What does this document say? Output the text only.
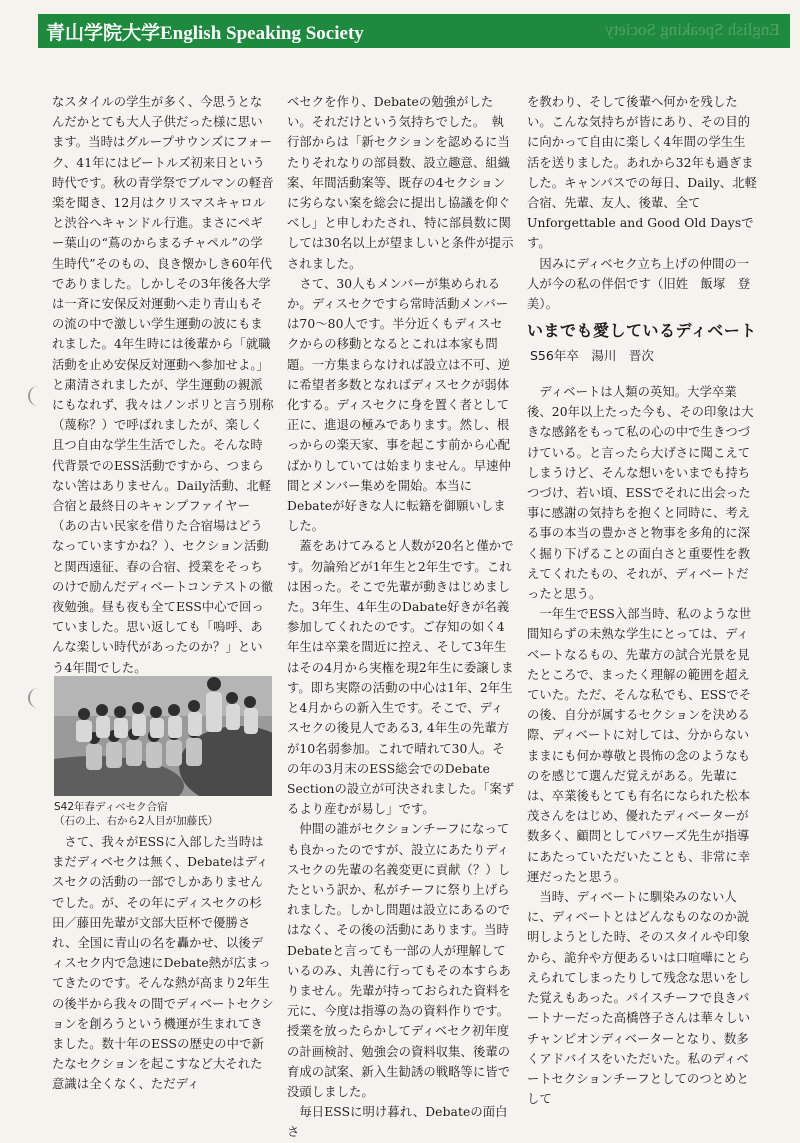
青山学院大学English Speaking Society	English Speaking Society

なスタイルの学生が多く、今思うとなんだかとても大人子供だった様に思います。当時はグループサウンズにフォーク、41年にはビートルズ初来日という時代です。秋の青学祭でブルマンの軽音楽を聞き、12月はクリスマスキャロルと渋谷へキャンドル行進。まさにペギー葉山の“蔦のからまるチャペル”の学生時代”そのもの、良き懐かしき60年代でありました。しかしその3年後各大学は一斉に安保反対運動へ走り青山もその流の中で激しい学生運動の波にもまれました。4年生時には後輩から「就職活動を止め安保反対運動へ参加せよ。」と粛清されましたが、学生運動の親派にもなれず、我々はノンポリと言う別称（蔑称？）で呼ばれましたが、楽しく且つ自由な学生生活でした。そんな時代背景でのESS活動ですから、つまらない筈はありません。Daily活動、北軽合宿と最終日のキャンプファイヤー（あの古い民家を借りた合宿場はどうなっていますかね？）、セクション活動と関西遠征、春の合宿、授業をそっちのけで励んだディベートコンテストの徹夜勉強。昼も夜も全てESS中心で回っていました。思い返しても「嗚呼、あんな楽しい時代があったのか？」という4年間でした。

S42年春ディベセク合宿
（石の上、右から2人目が加藤氏）

　さて、我々がESSに入部した当時はまだディベセクは無く、Debateはディスセクの活動の一部でしかありませんでした。が、その年にディスセクの杉田／藤田先輩が文部大臣杯で優勝され、全国に青山の名を轟かせ、以後ディスセク内で急速にDebate熱が広まってきたのです。そんな熱が高まり2年生の後半から我々の間でディベートセクションを創ろうという機運が生まれてきました。数十年のESSの歴史の中で新たなセクションを起こすなど大それた意識は全くなく、ただディ

ベセクを作り、Debateの勉強がしたい。それだけという気持ちでした。　執行部からは「新セクションを認めるに当たりそれなりの部員数、設立趣意、組織案、年間活動案等、既存の4セクションに劣らない案を総会に提出し協議を仰ぐべし」と申しわたされ、特に部員数に関しては30名以上が望ましいと条件が提示されました。

　さて、30人もメンバーが集められるか。ディスセクですら常時活動メンバーは70～80人です。半分近くもディスセクからの移動となるとこれは本家も問題。一方集まらなければ設立は不可、逆に希望者多数となればディスセクが弱体化する。ディスセクに身を置く者として正に、進退の極みであります。然し、根っからの楽天家、事を起こす前から心配ばかりしていては始まりません。早速仲間とメンバー集めを開始。本当にDebateが好きな人に転籍を御願いしました。

　蓋をあけてみると人数が20名と僅かです。勿論殆どが1年生と2年生です。これは困った。そこで先輩が動きはじめました。3年生、4年生のDabate好きが名義参加してくれたのです。ご存知の如く4年生は卒業を間近に控え、そして3年生はその4月から実権を現2年生に委譲します。即ち実際の活動の中心は1年、2年生と4月からの新入生です。そこで、ディスセクの後見人である3, 4年生の先輩方が10名弱参加。これで晴れて30人。その年の3月末のESS総会でのDebate Sectionの設立が可決されました。「案ずるより産むが易し」です。

　仲間の誰がセクションチーフになっても良かったのですが、設立にあたりディスセクの先輩の名義変更に貢献（？）したという訳か、私がチーフに祭り上げられました。しかし問題は設立にあるのではなく、その後の活動にあります。当時Debateと言っても一部の人が理解しているのみ、丸善に行ってもその本すらありません。先輩が持っておられた資料を元に、今度は指導の為の資料作りです。授業を放ったらかしてディベセク初年度の計画検討、勉強会の資料収集、後輩の育成の試案、新入生勧誘の戦略等に皆で没頭しました。

　毎日ESSに明け暮れ、Debateの面白さ

を教わり、そして後輩へ何かを残したい。こんな気持ちが皆にあり、その目的に向かって自由に楽しく4年間の学生生活を送りました。あれから32年も過ぎました。キャンパスでの毎日、Daily、北軽合宿、先輩、友人、後輩、全てUnforgettable and Good Old Daysです。

　因みにディベセク立ち上げの仲間の一人が今の私の伴侶です（旧姓　飯塚　登美）。

いまでも愛しているディベート
S56年卒　湯川　晋次

　ディベートは人類の英知。大学卒業後、20年以上たった今も、その印象は大きな感銘をもって私の心の中で生きつづけている。と言ったら大げさに聞こえてしまうけど、そんな想いをいまでも持ちつづけ、若い頃、ESSでそれに出会った事に感謝の気持ちを抱くと同時に、考える事の本当の豊かさと物事を多角的に深く掘り下げることの面白さと重要性を教えてくれたもの、それが、ディベートだったと思う。

　一年生でESS入部当時、私のような世間知らずの未熟な学生にとっては、ディベートなるもの、先輩方の試合光景を見たところで、まったく理解の範囲を超えていた。ただ、そんな私でも、ESSでその後、自分が属するセクションを決める際、ディベートに対しては、分からないままにも何か尊敬と畏怖の念のようなものを感じて選んだ覚えがある。先輩には、卒業後もとても有名になられた松本茂さんをはじめ、優れたディベーターが数多く、顧問としてパワーズ先生が指導にあたっていただいたことも、非常に幸運だったと思う。

　当時、ディベートに馴染みのない人に、ディベートとはどんなものなのか説明しようとした時、そのスタイルや印象から、詭弁や方便あるいは口喧嘩にとらえられてしまったりして残念な思いをした覚えもあった。パイスチーフで良きパートナーだった高橋啓子さんは華々しいチャンピオンディベーターとなり、数多くアドバイスをいただいた。私のディベートセクションチーフとしてのつとめとして
